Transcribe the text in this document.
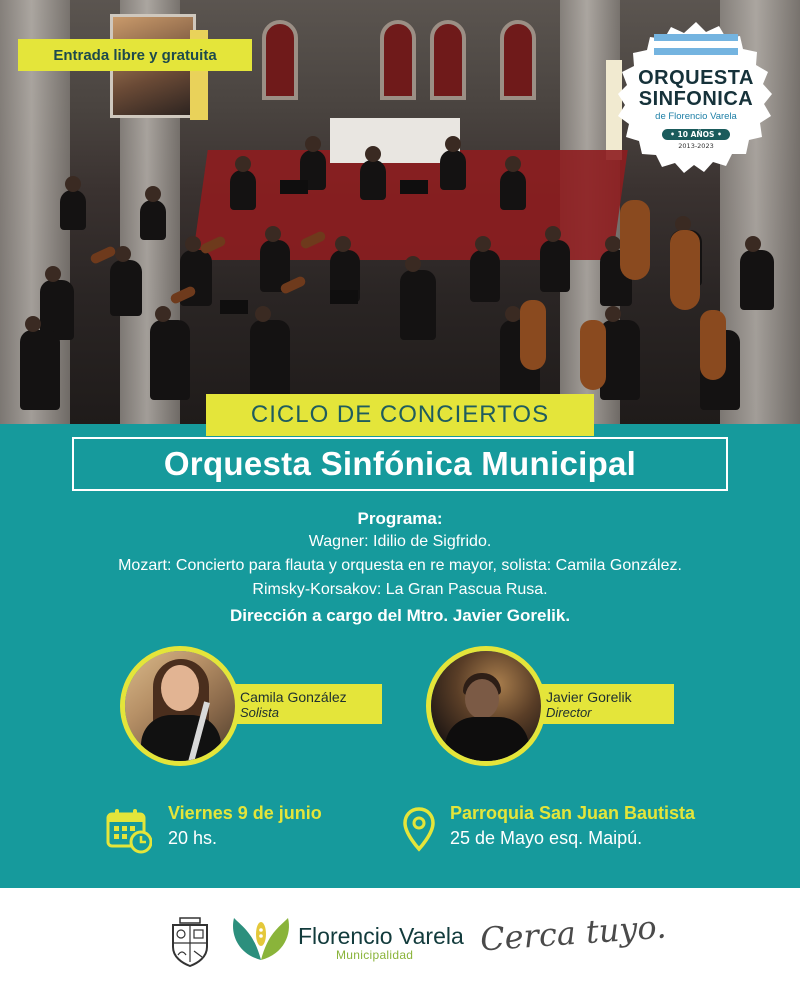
Entrada libre y gratuita
ORQUESTA
SINFONICA
de Florencio Varela
• 10 AÑOS •
2013-2023
CICLO DE CONCIERTOS
Orquesta Sinfónica Municipal
Programa:
Wagner: Idilio de Sigfrido.
Mozart: Concierto para flauta y orquesta en re mayor, solista: Camila González.
Rimsky-Korsakov: La Gran Pascua Rusa.
Dirección a cargo del Mtro. Javier Gorelik.
Camila González
Solista
Javier Gorelik
Director
Viernes 9 de junio
20 hs.
Parroquia San Juan Bautista
25 de Mayo esq. Maipú.
Florencio Varela
Municipalidad Cerca tuyo.
